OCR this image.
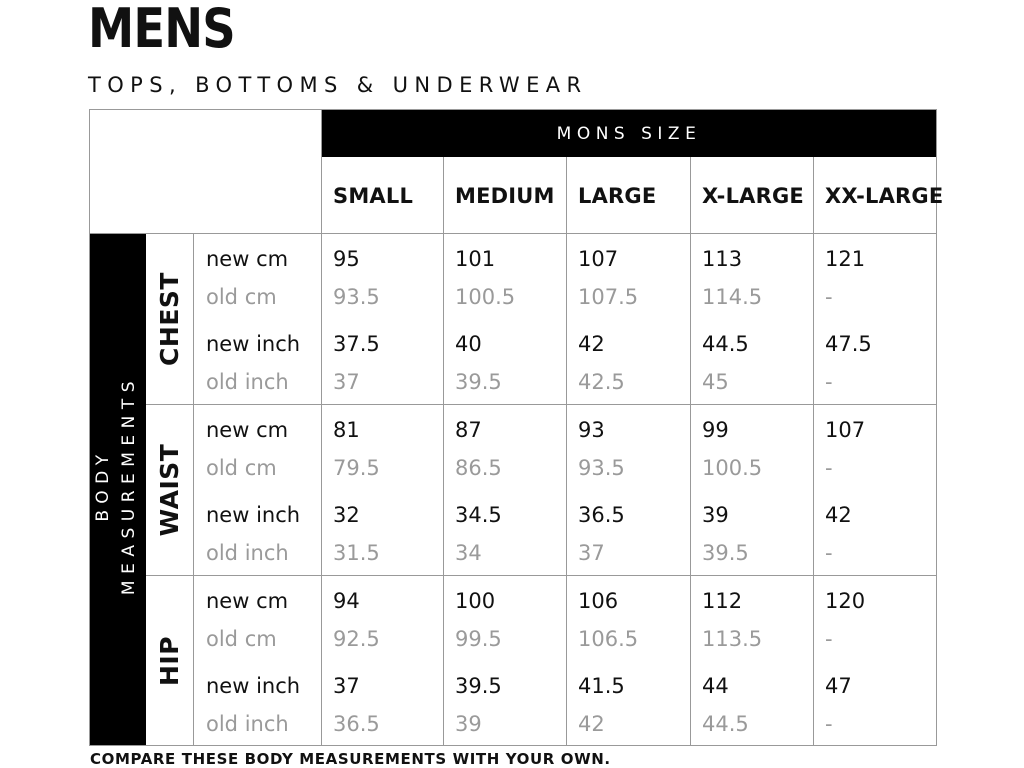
MENS
TOPS, BOTTOMS & UNDERWEAR
MONS SIZE
BODY
MEASUREMENTS
SMALL MEDIUM LARGE X-LARGE XX-LARGE
CHEST
new cm 95	101	107	113	121
old cm	93.5	100.5	107.5	114.5	-
new inch 37.5	40	42	44.5	47.5
old inch 37	39.5	42.5	45	-
WAIST
new cm 81	87	93	99	107
old cm	79.5	86.5	93.5	100.5	-
new inch 32	34.5	36.5	39	42
old inch 31.5	34	37	39.5	-
HIP
new cm 94	100	106	112	120
old cm	92.5	99.5	106.5	113.5	-
new inch 37	39.5	41.5	44	47
old inch 36.5	39	42	44.5	-
COMPARE THESE BODY MEASUREMENTS WITH YOUR OWN.
